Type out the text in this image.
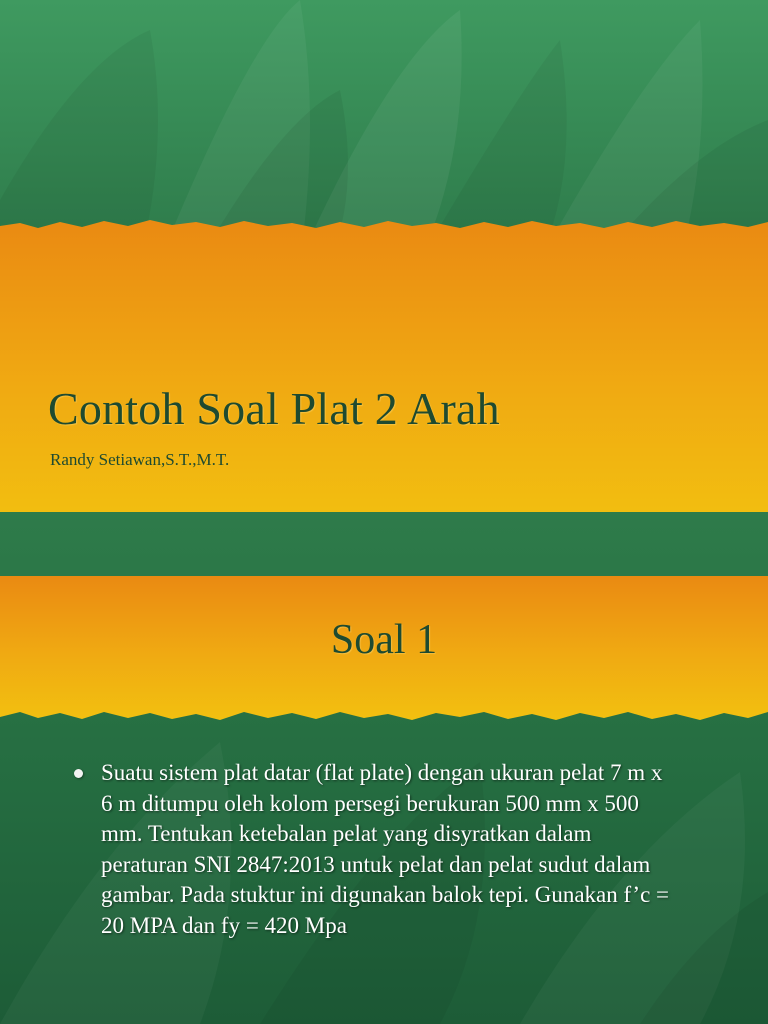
Contoh Soal Plat 2 Arah

Randy Setiawan,S.T.,M.T.

Soal 1
Suatu sistem plat datar (flat plate) dengan ukuran pelat 7 m x 6 m ditumpu oleh kolom persegi berukuran 500 mm x 500 mm. Tentukan ketebalan pelat yang disyratkan dalam peraturan SNI 2847:2013 untuk pelat dan pelat sudut dalam gambar. Pada stuktur ini digunakan balok tepi. Gunakan f’c = 20 MPA dan fy = 420 Mpa
